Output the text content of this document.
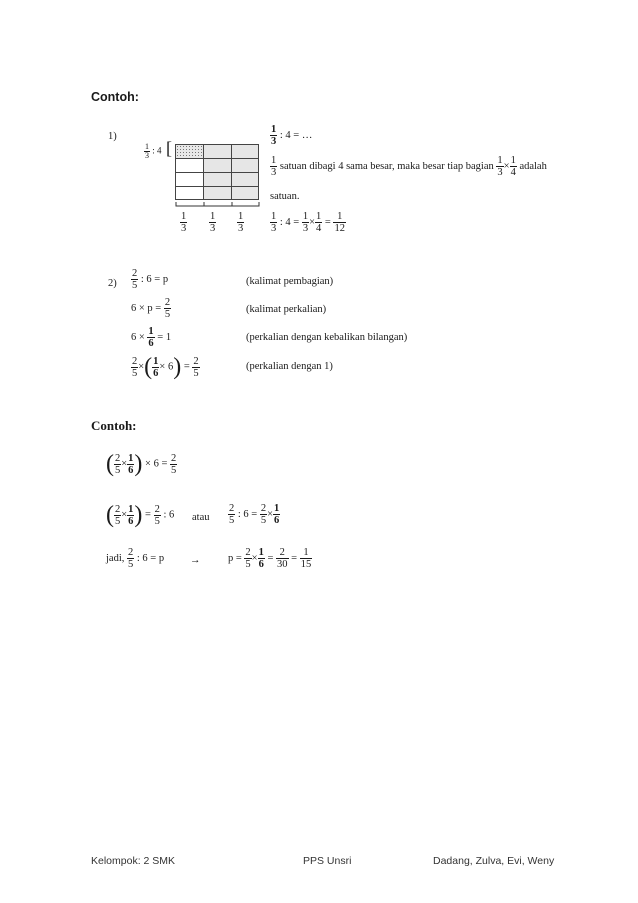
Contoh:
1)
$\frac{1}{3}$ : 4 [
$\frac{1}{3} \frac{1}{3} \frac{1}{3}$
$\frac{1}{3}$ : 4 = …
$\frac{1}{3}$ satuan dibagi 4 sama besar, maka besar tiap bagian $\frac{1}{3} \times \frac{1}{4}$ adalah
satuan.
$\frac{1}{3}$ : $4 = \frac{1}{3} \times \frac{1}{4} = \frac{1}{12}$
$2) \frac{2}{5}$ : 6 = p	(kalimat pembagian)
$6 \times p = \frac{2}{5}$	(kalimat perkalian)
$6 \times \frac{1}{6} = 1$	(perkalian dengan kebalikan bilangan)
$\frac{2}{5}$ ×( $\frac{1}{6} \times 6) = \frac{2}{5}$	(perkalian dengan 1)
Contoh:
( $\frac{2}{5} \times \frac{1}{6}$ ) × $6 = \frac{2}{5}$
( $\frac{2}{5} \times \frac{1}{6}$ ) = $\frac{2}{5}$ : 6 atau $\frac{2}{5}$ : $6 = \frac{2}{5} \times \frac{1}{6}$
jadi, $\frac{2}{5}$ : 6 = p →	$p = \frac{2}{5} \times \frac{1}{6} = \frac{2}{30} = \frac{1}{15}$
Kelompok: 2 SMK	PPS Unsri	Dadang, Zulva, Evi, Weny
